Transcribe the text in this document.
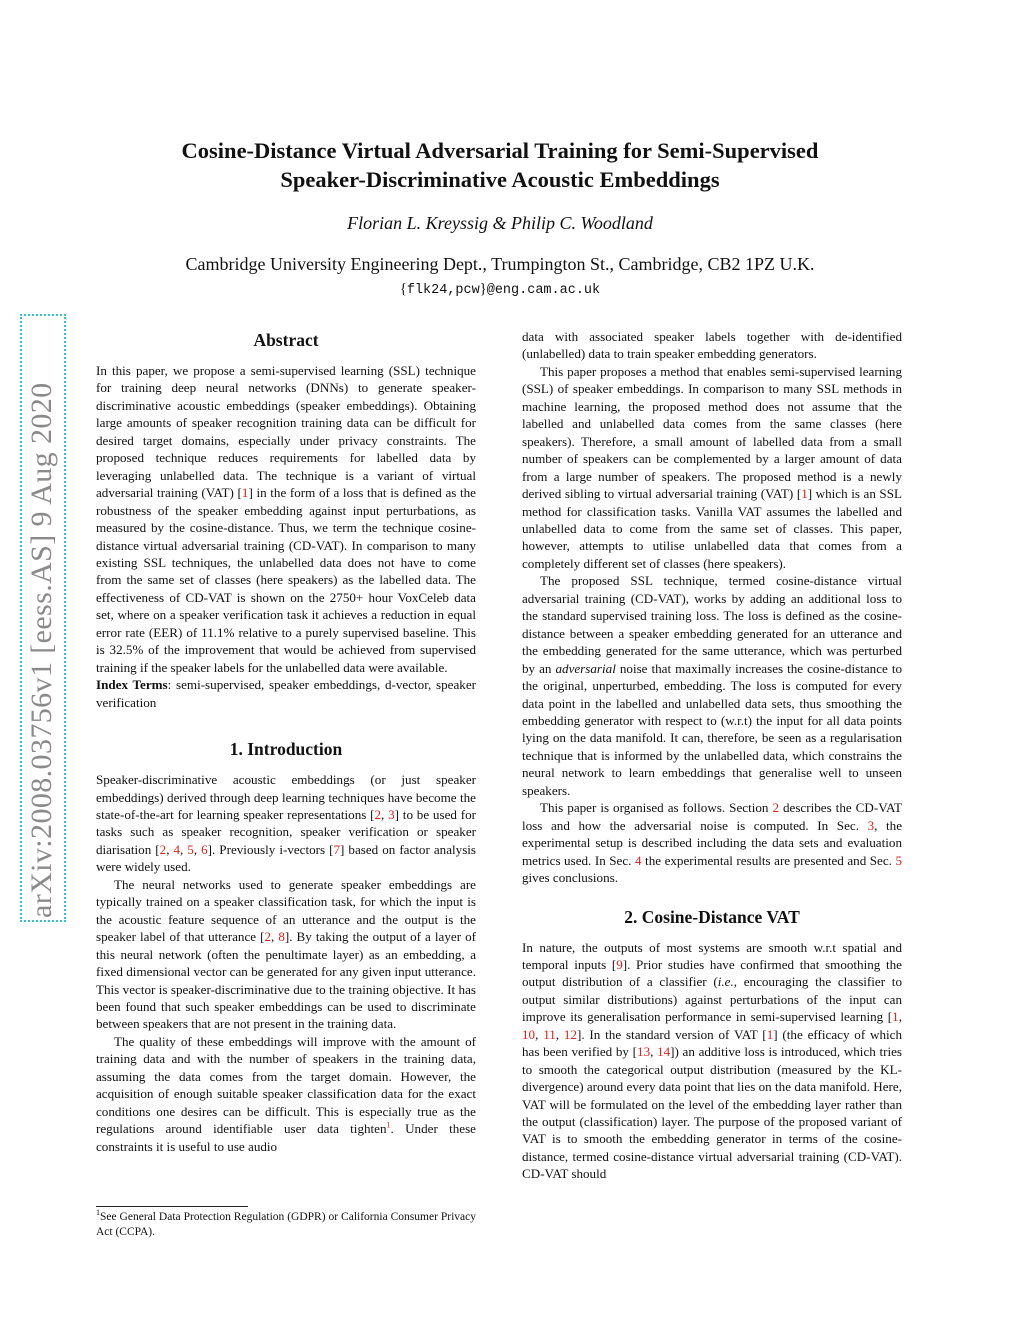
Cosine-Distance Virtual Adversarial Training for Semi-Supervised
Speaker-Discriminative Acoustic Embeddings
Florian L. Kreyssig & Philip C. Woodland
Cambridge University Engineering Dept., Trumpington St., Cambridge, CB2 1PZ U.K.
{flk24,pcw}@eng.cam.ac.uk
arXiv:2008.03756v1 [eess.AS] 9 Aug 2020
Abstract

In this paper, we propose a semi-supervised learning (SSL) technique for training deep neural networks (DNNs) to generate speaker-discriminative acoustic embeddings (speaker embeddings). Obtaining large amounts of speaker recognition training data can be difficult for desired target domains, especially under privacy constraints. The proposed technique reduces requirements for labelled data by leveraging unlabelled data. The technique is a variant of virtual adversarial training (VAT) [1] in the form of a loss that is defined as the robustness of the speaker embedding against input perturbations, as measured by the cosine-distance. Thus, we term the technique cosine-distance virtual adversarial training (CD-VAT). In comparison to many existing SSL techniques, the unlabelled data does not have to come from the same set of classes (here speakers) as the labelled data. The effectiveness of CD-VAT is shown on the 2750+ hour VoxCeleb data set, where on a speaker verification task it achieves a reduction in equal error rate (EER) of 11.1% relative to a purely supervised baseline. This is 32.5% of the improvement that would be achieved from supervised training if the speaker labels for the unlabelled data were available.

Index Terms: semi-supervised, speaker embeddings, d-vector, speaker verification

1. Introduction

Speaker-discriminative acoustic embeddings (or just speaker embeddings) derived through deep learning techniques have become the state-of-the-art for learning speaker representations [2, 3] to be used for tasks such as speaker recognition, speaker verification or speaker diarisation [2, 4, 5, 6]. Previously i-vectors [7] based on factor analysis were widely used.

The neural networks used to generate speaker embeddings are typically trained on a speaker classification task, for which the input is the acoustic feature sequence of an utterance and the output is the speaker label of that utterance [2, 8]. By taking the output of a layer of this neural network (often the penultimate layer) as an embedding, a fixed dimensional vector can be generated for any given input utterance. This vector is speaker-discriminative due to the training objective. It has been found that such speaker embeddings can be used to discriminate between speakers that are not present in the training data.

The quality of these embeddings will improve with the amount of training data and with the number of speakers in the training data, assuming the data comes from the target domain. However, the acquisition of enough suitable speaker classification data for the exact conditions one desires can be difficult. This is especially true as the regulations around identifiable user data tighten$^1$. Under these constraints it is useful to use audio

$^1$See General Data Protection Regulation (GDPR) or California Consumer Privacy Act (CCPA).

data with associated speaker labels together with de-identified (unlabelled) data to train speaker embedding generators.

This paper proposes a method that enables semi-supervised learning (SSL) of speaker embeddings. In comparison to many SSL methods in machine learning, the proposed method does not assume that the labelled and unlabelled data comes from the same classes (here speakers). Therefore, a small amount of labelled data from a small number of speakers can be complemented by a larger amount of data from a large number of speakers. The proposed method is a newly derived sibling to virtual adversarial training (VAT) [1] which is an SSL method for classification tasks. Vanilla VAT assumes the labelled and unlabelled data to come from the same set of classes. This paper, however, attempts to utilise unlabelled data that comes from a completely different set of classes (here speakers).

The proposed SSL technique, termed cosine-distance virtual adversarial training (CD-VAT), works by adding an additional loss to the standard supervised training loss. The loss is defined as the cosine-distance between a speaker embedding generated for an utterance and the embedding generated for the same utterance, which was perturbed by an adversarial noise that maximally increases the cosine-distance to the original, unperturbed, embedding. The loss is computed for every data point in the labelled and unlabelled data sets, thus smoothing the embedding generator with respect to (w.r.t) the input for all data points lying on the data manifold. It can, therefore, be seen as a regularisation technique that is informed by the unlabelled data, which constrains the neural network to learn embeddings that generalise well to unseen speakers.

This paper is organised as follows. Section 2 describes the CD-VAT loss and how the adversarial noise is computed. In Sec. 3, the experimental setup is described including the data sets and evaluation metrics used. In Sec. 4 the experimental results are presented and Sec. 5 gives conclusions.

2. Cosine-Distance VAT

In nature, the outputs of most systems are smooth w.r.t spatial and temporal inputs [9]. Prior studies have confirmed that smoothing the output distribution of a classifier (i.e., encouraging the classifier to output similar distributions) against perturbations of the input can improve its generalisation performance in semi-supervised learning [1, 10, 11, 12]. In the standard version of VAT [1] (the efficacy of which has been verified by [13, 14]) an additive loss is introduced, which tries to smooth the categorical output distribution (measured by the KL-divergence) around every data point that lies on the data manifold. Here, VAT will be formulated on the level of the embedding layer rather than the output (classification) layer. The purpose of the proposed variant of VAT is to smooth the embedding generator in terms of the cosine-distance, termed cosine-distance virtual adversarial training (CD-VAT). CD-VAT should
